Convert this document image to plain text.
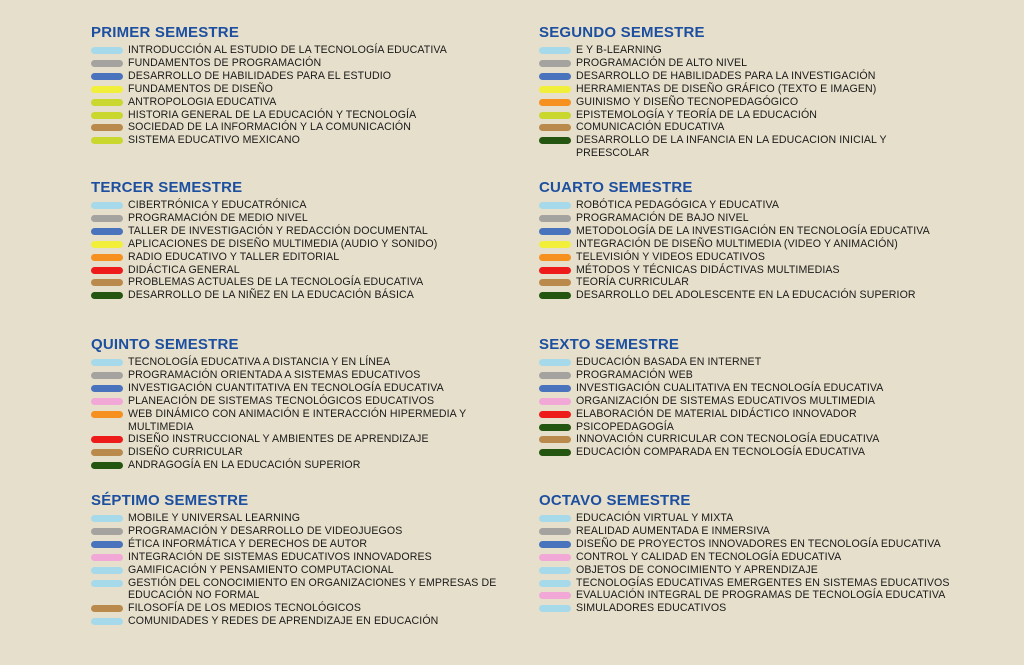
PRIMER SEMESTRE
INTRODUCCIÓN AL ESTUDIO DE LA TECNOLOGÍA EDUCATIVA
FUNDAMENTOS DE PROGRAMACIÓN
DESARROLLO DE HABILIDADES PARA EL ESTUDIO
FUNDAMENTOS DE DISEÑO
ANTROPOLOGIA EDUCATIVA
HISTORIA GENERAL DE LA EDUCACIÓN Y TECNOLOGÍA
SOCIEDAD DE LA INFORMACIÓN Y LA COMUNICACIÓN
SISTEMA EDUCATIVO MEXICANO
SEGUNDO SEMESTRE
E Y B-LEARNING
PROGRAMACIÓN DE ALTO NIVEL
DESARROLLO DE HABILIDADES PARA LA INVESTIGACIÓN
HERRAMIENTAS DE DISEÑO GRÁFICO (TEXTO E IMAGEN)
GUINISMO Y DISEÑO TECNOPEDAGÓGICO
EPISTEMOLOGÍA Y TEORÍA DE LA EDUCACIÓN
COMUNICACIÓN EDUCATIVA
DESARROLLO DE LA INFANCIA EN LA EDUCACION INICIAL Y PREESCOLAR
TERCER SEMESTRE
CIBERTRÓNICA Y EDUCATRÓNICA
PROGRAMACIÓN DE MEDIO NIVEL
TALLER DE INVESTIGACIÓN Y REDACCIÓN DOCUMENTAL
APLICACIONES DE DISEÑO MULTIMEDIA (AUDIO Y SONIDO)
RADIO EDUCATIVO Y TALLER EDITORIAL
DIDÁCTICA GENERAL
PROBLEMAS ACTUALES DE LA TECNOLOGÍA EDUCATIVA
DESARROLLO DE LA NIÑEZ EN LA EDUCACIÓN BÁSICA
CUARTO SEMESTRE
ROBÓTICA PEDAGÓGICA Y EDUCATIVA
PROGRAMACIÓN DE BAJO NIVEL
METODOLOGÍA DE LA INVESTIGACIÓN EN TECNOLOGÍA EDUCATIVA
INTEGRACIÓN DE DISEÑO MULTIMEDIA (VIDEO Y ANIMACIÓN)
TELEVISIÓN Y VIDEOS EDUCATIVOS
MÉTODOS Y TÉCNICAS DIDÁCTIVAS MULTIMEDIAS
TEORÍA CURRICULAR
DESARROLLO DEL ADOLESCENTE EN LA EDUCACIÓN SUPERIOR
QUINTO SEMESTRE
TECNOLOGÍA EDUCATIVA A DISTANCIA Y EN LÍNEA
PROGRAMACIÓN ORIENTADA A SISTEMAS EDUCATIVOS
INVESTIGACIÓN CUANTITATIVA EN TECNOLOGÍA EDUCATIVA
PLANEACIÓN DE SISTEMAS TECNOLÓGICOS EDUCATIVOS
WEB DINÁMICO CON ANIMACIÓN E INTERACCIÓN HIPERMEDIA Y MULTIMEDIA
DISEÑO INSTRUCCIONAL Y AMBIENTES DE APRENDIZAJE
DISEÑO CURRICULAR
ANDRAGOGÍA EN LA EDUCACIÓN SUPERIOR
SEXTO SEMESTRE
EDUCACIÓN BASADA EN INTERNET
PROGRAMACIÓN WEB
INVESTIGACIÓN CUALITATIVA EN TECNOLOGÍA EDUCATIVA
ORGANIZACIÓN DE SISTEMAS EDUCATIVOS MULTIMEDIA
ELABORACIÓN DE MATERIAL DIDÁCTICO INNOVADOR
PSICOPEDAGOGÍA
INNOVACIÓN CURRICULAR CON TECNOLOGÍA EDUCATIVA
EDUCACIÓN COMPARADA EN TECNOLOGÍA EDUCATIVA
SÉPTIMO SEMESTRE
MOBILE Y UNIVERSAL LEARNING
PROGRAMACIÓN Y DESARROLLO DE VIDEOJUEGOS
ÉTICA INFORMÁTICA Y DERECHOS DE AUTOR
INTEGRACIÓN DE SISTEMAS EDUCATIVOS INNOVADORES
GAMIFICACIÓN Y PENSAMIENTO COMPUTACIONAL
GESTIÓN DEL CONOCIMIENTO EN ORGANIZACIONES Y EMPRESAS DE EDUCACIÓN NO FORMAL
FILOSOFÍA DE LOS MEDIOS TECNOLÓGICOS
COMUNIDADES Y REDES DE APRENDIZAJE EN EDUCACIÓN
OCTAVO SEMESTRE
EDUCACIÓN VIRTUAL Y MIXTA
REALIDAD AUMENTADA E INMERSIVA
DISEÑO DE PROYECTOS INNOVADORES EN TECNOLOGÍA EDUCATIVA
CONTROL Y CALIDAD EN TECNOLOGÍA EDUCATIVA
OBJETOS DE CONOCIMIENTO Y APRENDIZAJE
TECNOLOGÍAS EDUCATIVAS EMERGENTES EN SISTEMAS EDUCATIVOS
EVALUACIÓN INTEGRAL DE PROGRAMAS DE TECNOLOGÍA EDUCATIVA
SIMULADORES EDUCATIVOS
